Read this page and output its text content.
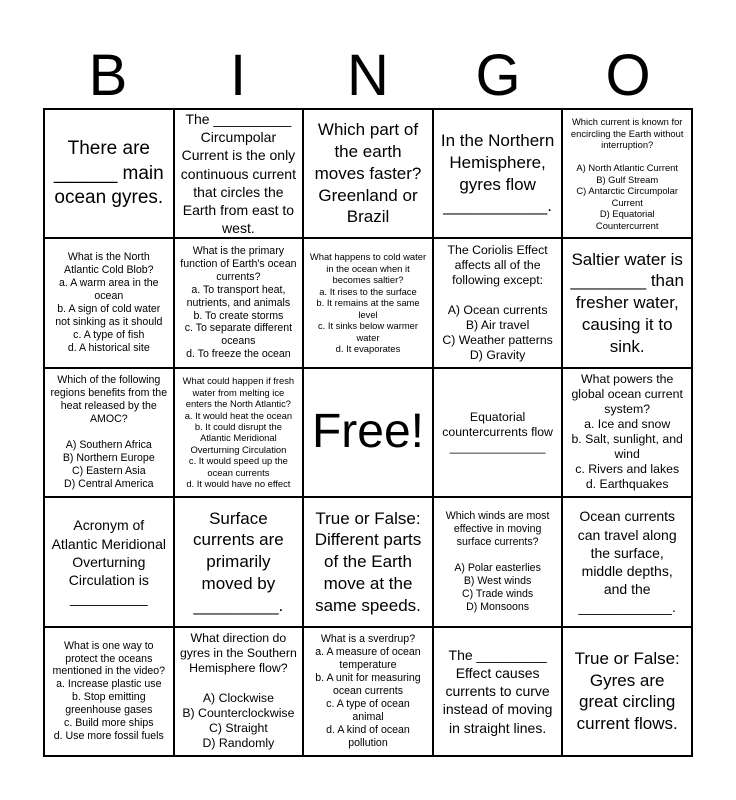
B	I	N	G	O
There are ______ main ocean gyres.
The __________ Circumpolar Current is the only continuous current that circles the Earth from east to west.
Which part of the earth moves faster? Greenland or Brazil
In the Northern Hemisphere, gyres flow ___________.
Which current is known for encircling the Earth without interruption?

A) North Atlantic Current
B) Gulf Stream
C) Antarctic Circumpolar Current
D) Equatorial Countercurrent
What is the North Atlantic Cold Blob?
a. A warm area in the ocean
b. A sign of cold water not sinking as it should
c. A type of fish
d. A historical site
What is the primary function of Earth's ocean currents?
a. To transport heat, nutrients, and animals
b. To create storms
c. To separate different oceans
d. To freeze the ocean
What happens to cold water in the ocean when it becomes saltier?
a. It rises to the surface
b. It remains at the same level
c. It sinks below warmer water
d. It evaporates
The Coriolis Effect affects all of the following except:

A) Ocean currents
B) Air travel
C) Weather patterns
D) Gravity
Saltier water is ________ than fresher water, causing it to sink.
Which of the following regions benefits from the heat released by the AMOC?

A) Southern Africa
B) Northern Europe
C) Eastern Asia
D) Central America
What could happen if fresh water from melting ice enters the North Atlantic?
a. It would heat the ocean
b. It could disrupt the Atlantic Meridional Overturning Circulation
c. It would speed up the ocean currents
d. It would have no effect
Free!	Equatorial countercurrents flow ______________
What powers the global ocean current system?
a. Ice and snow
b. Salt, sunlight, and wind
c. Rivers and lakes
d. Earthquakes
Acronym of Atlantic Meridional Overturning Circulation is __________
Surface currents are primarily moved by _________.
True or False: Different parts of the Earth move at the same speeds.
Which winds are most effective in moving surface currents?

A) Polar easterlies
B) West winds
C) Trade winds
D) Monsoons
Ocean currents can travel along the surface, middle depths, and the ____________.
What is one way to protect the oceans mentioned in the video?
a. Increase plastic use
b. Stop emitting greenhouse gases
c. Build more ships
d. Use more fossil fuels
What direction do gyres in the Southern Hemisphere flow?

A) Clockwise
B) Counterclockwise
C) Straight
D) Randomly
What is a sverdrup?
a. A measure of ocean temperature
b. A unit for measuring ocean currents
c. A type of ocean animal
d. A kind of ocean pollution
The _________ Effect causes currents to curve instead of moving in straight lines.
True or False: Gyres are great circling current flows.
